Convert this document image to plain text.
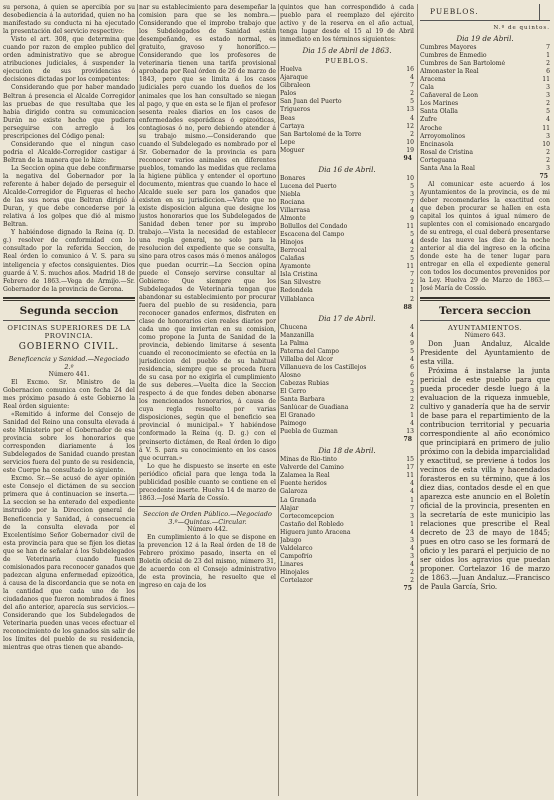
su persona, á quien se apercibía por su desobediencia á la autoridad, quien no ha manifestado su conducta ni ha ejecutado la presentación del servicio respectivo:

Visto el art. 308, que determina que cuando por razon de empleo publico del orden administrativo que se abrogue atribuciones judiciales, á suspender la ejecucion de sus providencias ó decisiones dictadas por los competentes:

Considerando que por haber mandado Beltran á presencia el Alcalde Corregidor las pruebas de que resultaba que les habia dirigido contra su comunicacion Durán no existe hecho que pudiera perseguirse con arreglo á los prescripciones del Código penal:

Considerando que el ningun caso podria el Alcalde-Corregidor castigar á Beltran de la manera que lo hizo:

La Seccion opina que debe confirmarse la negativa del Gobernador por la referente á haber dejado de perseguir el Alcalde-Corregidor de Figueras el hecho de las sus noras que Beltran dirigió á Duran, y que debe concederse por la relativa á los golpes que dió al mismo Beltran.

Y habiéndose dignado la Reina (q. D. g.) resolver de conformidad con lo consultado por la referida Seccion, de Real órden lo comunico á V. S. para su inteligencia y efectos consiguientes. Dios guarde á V. S. muchos años. Madrid 18 de Febrero de 1863.—Vega de Armijo.—Sr. Gobernador de la provincia de Gerona.

Segunda seccion
OFICINAS SUPERIORES DE LA PROVINCIA.
GOBIERNO CIVIL.
Beneficencia y Sanidad.—Negociado 2.º
Número 441.

El Excmo. Sr. Ministro de la Gobernacion comunica con fecha 24 del mes próximo pasado á este Gobierno la Real órden siguiente:

«Remitido á informe del Consejo de Sanidad del Reino una consulta elevada á este Ministerio por el Gobernador de esa provincia sobre los honorarios que corresponden diariamente á los Subdelegados de Sanidad cuando prestan servicios fuera del punto de su residencia, este Cuerpo ha consultado lo siguiente.

Excmo. Sr.—Se acusó de ayer opinión este Consejo el dictámen de su seccion primera que á continuacion se inserta.—La seccion se ha enterado del expediente instruido por la Direccion general de Beneficencia y Sanidad, á consecuencia de la consulta elevada por el Excelentísimo Señor Gobernador civil de esta provincia para que se fijen los dietas que se han de señalar á los Subdelegados de Veterinaria cuando fuesen comisionados para reconocer ganados que padezcan alguna enfermedad epizoótica, á causa de la discordancia que se nota en la cantidad que cada uno de los ciudadanos que fueron nombrados á fines del año anterior, aparecía sus servicios.—Considerando que los Subdelegados de Veterinaria pueden unas veces efectuar el reconocimiento de los ganados sin salir de los límites del pueblo de su residencia, mientras que otras tienen que abando-

nar su establecimiento para desempeñar la comision para que se les nombra.—Considerando que el improbo trabajo que los Subdelegados de Sanidad están desempeñando, es estado normal, es gratuito, gravoso y honorífico.—Considerando que los profesores de veterinaria tienen una tarifa provisional aprobada por Real órden de 26 de marzo de 1843, pero que se limita á los casos judiciales pero cuando los dueños de los animales que los han consultado se niegan al pago, y que en esta se le fijan el profesor sesenta reales diarios en los casos de enfermedades esporádicas ó epizoóticas, contagiosas ó no, pero debiendo atender á su trabajo mismo.—Considerando que cuando el Subdelegado es nombrado por el Sr. Gobernador de la provincia es para reconocer varios animales en diferentes pueblos, tomando las medidas que reclama la higiene pública y entender el oportuno documento, mientras que cuando lo hace el Alcalde suele ser para los ganados que existen en su jurisdiccion.—Visto que no existe disposicion alguna que designe los justos honorarios que los Subdelegados de Sanidad deben tener por su improbo trabajo.—Vista la necesidad de establecer una regla general, no solo para la resolucion del expediente que se consulta, sino para otros casos más ó menos análogos que puedan ocurrir.—La Seccion opina puede el Consejo servirse consultar al Gobierno: Que siempre que los Subdelegados de Veterinaria tengan que abandonar su establecimiento por procurar fuera del pueblo de su residencia, para reconocer ganados enfermos, disfruten en clase de honorarios cien reales diarios por cada uno que inviertan en su comision, como propone la Junta de Sanidad de la provincia, debiendo limitarse á sesenta cuando el reconocimiento se efectúa en la jurisdiccion del pueblo de su habitual residencia, siempre que se proceda fuera de su casa por no exigirla el cumplimiento de sus deberes.—Vuelta dice la Seccion respecto á de que fondes deben abonarse los mencionados honorarios, á causa de cuya regla resuelto por varias disposiciones, según que el beneficio sea provincial ó municipal.» Y habiéndose conformado la Reina (q. D. g.) con el preinserto dictámen, de Real órden lo digo á V. S. para su conocimiento en los casos que ocurran.»

Lo que he dispuesto se inserte en este periódico oficial para que lenga toda la publicidad posible cuanto se contiene en el precedente inserte. Huelva 14 de marzo de 1863.—José María de Cossío.

Seccion de Orden Público.—Negociado 3.º—Quintas.—Circular.
Número 442.

En cumplimiento á lo que se dispone en la prevencion 12 á la Real órden de 18 de Febrero próximo pasado, inserta en el Boletín oficial de 23 del mismo, número 31, de acuerdo con el Consejo administrativo de esta provincia, he resuelto que el ingreso en caja de los

quintos que han correspondido á cada pueblo para el reemplazo del ejército activo y de la reserva en el año actual, tenga lugar desde el 15 al 19 de Abril inmediato en los términos siguientes:

Dia 15 de Abril de 1863.
PUEBLOS.
Huelva	16
Ajaraque	4
Gibraleon	7
Palos	2
San Juan del Puerto	5
Trigueros	13
Beas	4
Cartaya	12
San Bartolomé de la Torre	2
Lepe	10
Moguer	19
94
Dia 16 de Abril.
Bonares	10
Lucena del Puerto	5
Niebla	3
Rociana	7
Villarrasa	4
Almonte	9
Bollullos del Condado	11
Escacena del Campo	5
Hinojos	4
Berrocal	2
Calañas	5
Ayamonte	11
Isla Cristina	7
San Silvestre	2
Redondela	1
Villablanca	2
88
Dia 17 de Abril.
Chucena	4
Manzanilla	4
La Palma	9
Paterna del Campo	5
Villalba del Alcor	4
Villanueva de los Castillejos	6
Alosno	6
Cabezas Rubias	2
El Cerro	3
Santa Barbara	2
Sanlúcar de Guadiana	2
El Granado	1
Paimogo	4
Puebla de Guzman	13
78
Dia 18 de Abril.
Minas de Rio-tinto	15
Valverde del Camino	17
Zalamea la Real	11
Fuente heridos	4
Galaroza	4
La Granada	1
Alajar	7
Cortecomcepcion	3
Castaño del Robledo	1
Higuera junto Aracena	4
Jabugo	3
Valdelarco	4
Campofrío	3
Linares	4
Hinojales	2
Cortelazor	2
75
PUEBLOS.
N.º de quintos.
Dia 19 de Abril.
Cumbres Mayores	7
Cumbres de Enmedio	1
Cumbres de San Bartolomé	2
Almonaster la Real	6
Aracena	11
Cala	3
Cañaveral de Leon	3
Los Marines	2
Santa Olalla	5
Zufre	4
Aroche	11
Arroyomolinos	3
Encinasola	10
Rosal de Cristina	2
Corteguana	2
Santa Ana la Real	3
75

Al comunicar este acuerdo á los Ayuntamientos de la provincia, es de mi deber recomendarles la exactitud con que deben procurar se hallen en esta capital los quintos á igual número de suplentes con el comisionado encargado de su entrega, el cual deberá presentarse desde las nueve las diez de la noche anterior al dia del ingreso en la oficina donde este ha de tener lugar para entregar en ella el expediente general con todos los documentos prevenidos por la Ley. Huelva 29 de Marzo de 1863.—José María de Cossío.

Tercera seccion
AYUNTAMIENTOS.
Número 643.

Don Juan Andaluz, Alcalde Presidente del Ayuntamiento de esta villa.

Próxima á instalarse la junta pericial de este pueblo para que pueda proceder desde luego á la evaluacion de la riqueza inmueble, cultivo y ganadería que ha de servir de base para el repartimiento de la contribucion territorial y pecuaria correspondiente al año económico que principiará en primero de julio próximo con la debida imparcialidad y exactitud, se previene á todos los vecinos de esta villa y hacendados forasteros en su término, que á los diez dias, contados desde el en que aparezca este anuncio en el Boletín oficial de la provincia, presenten en la secretaría de este municipio las relaciones que prescribe el Real decreto de 23 de mayo de 1845; pues en otro caso se les formará de oficio y les parará el perjuicio de no ser oidos los agravios que puedan proponer. Cortelazor 16 de marzo de 1863.—Juan Andaluz.—Francisco de Paula García, Srio.
